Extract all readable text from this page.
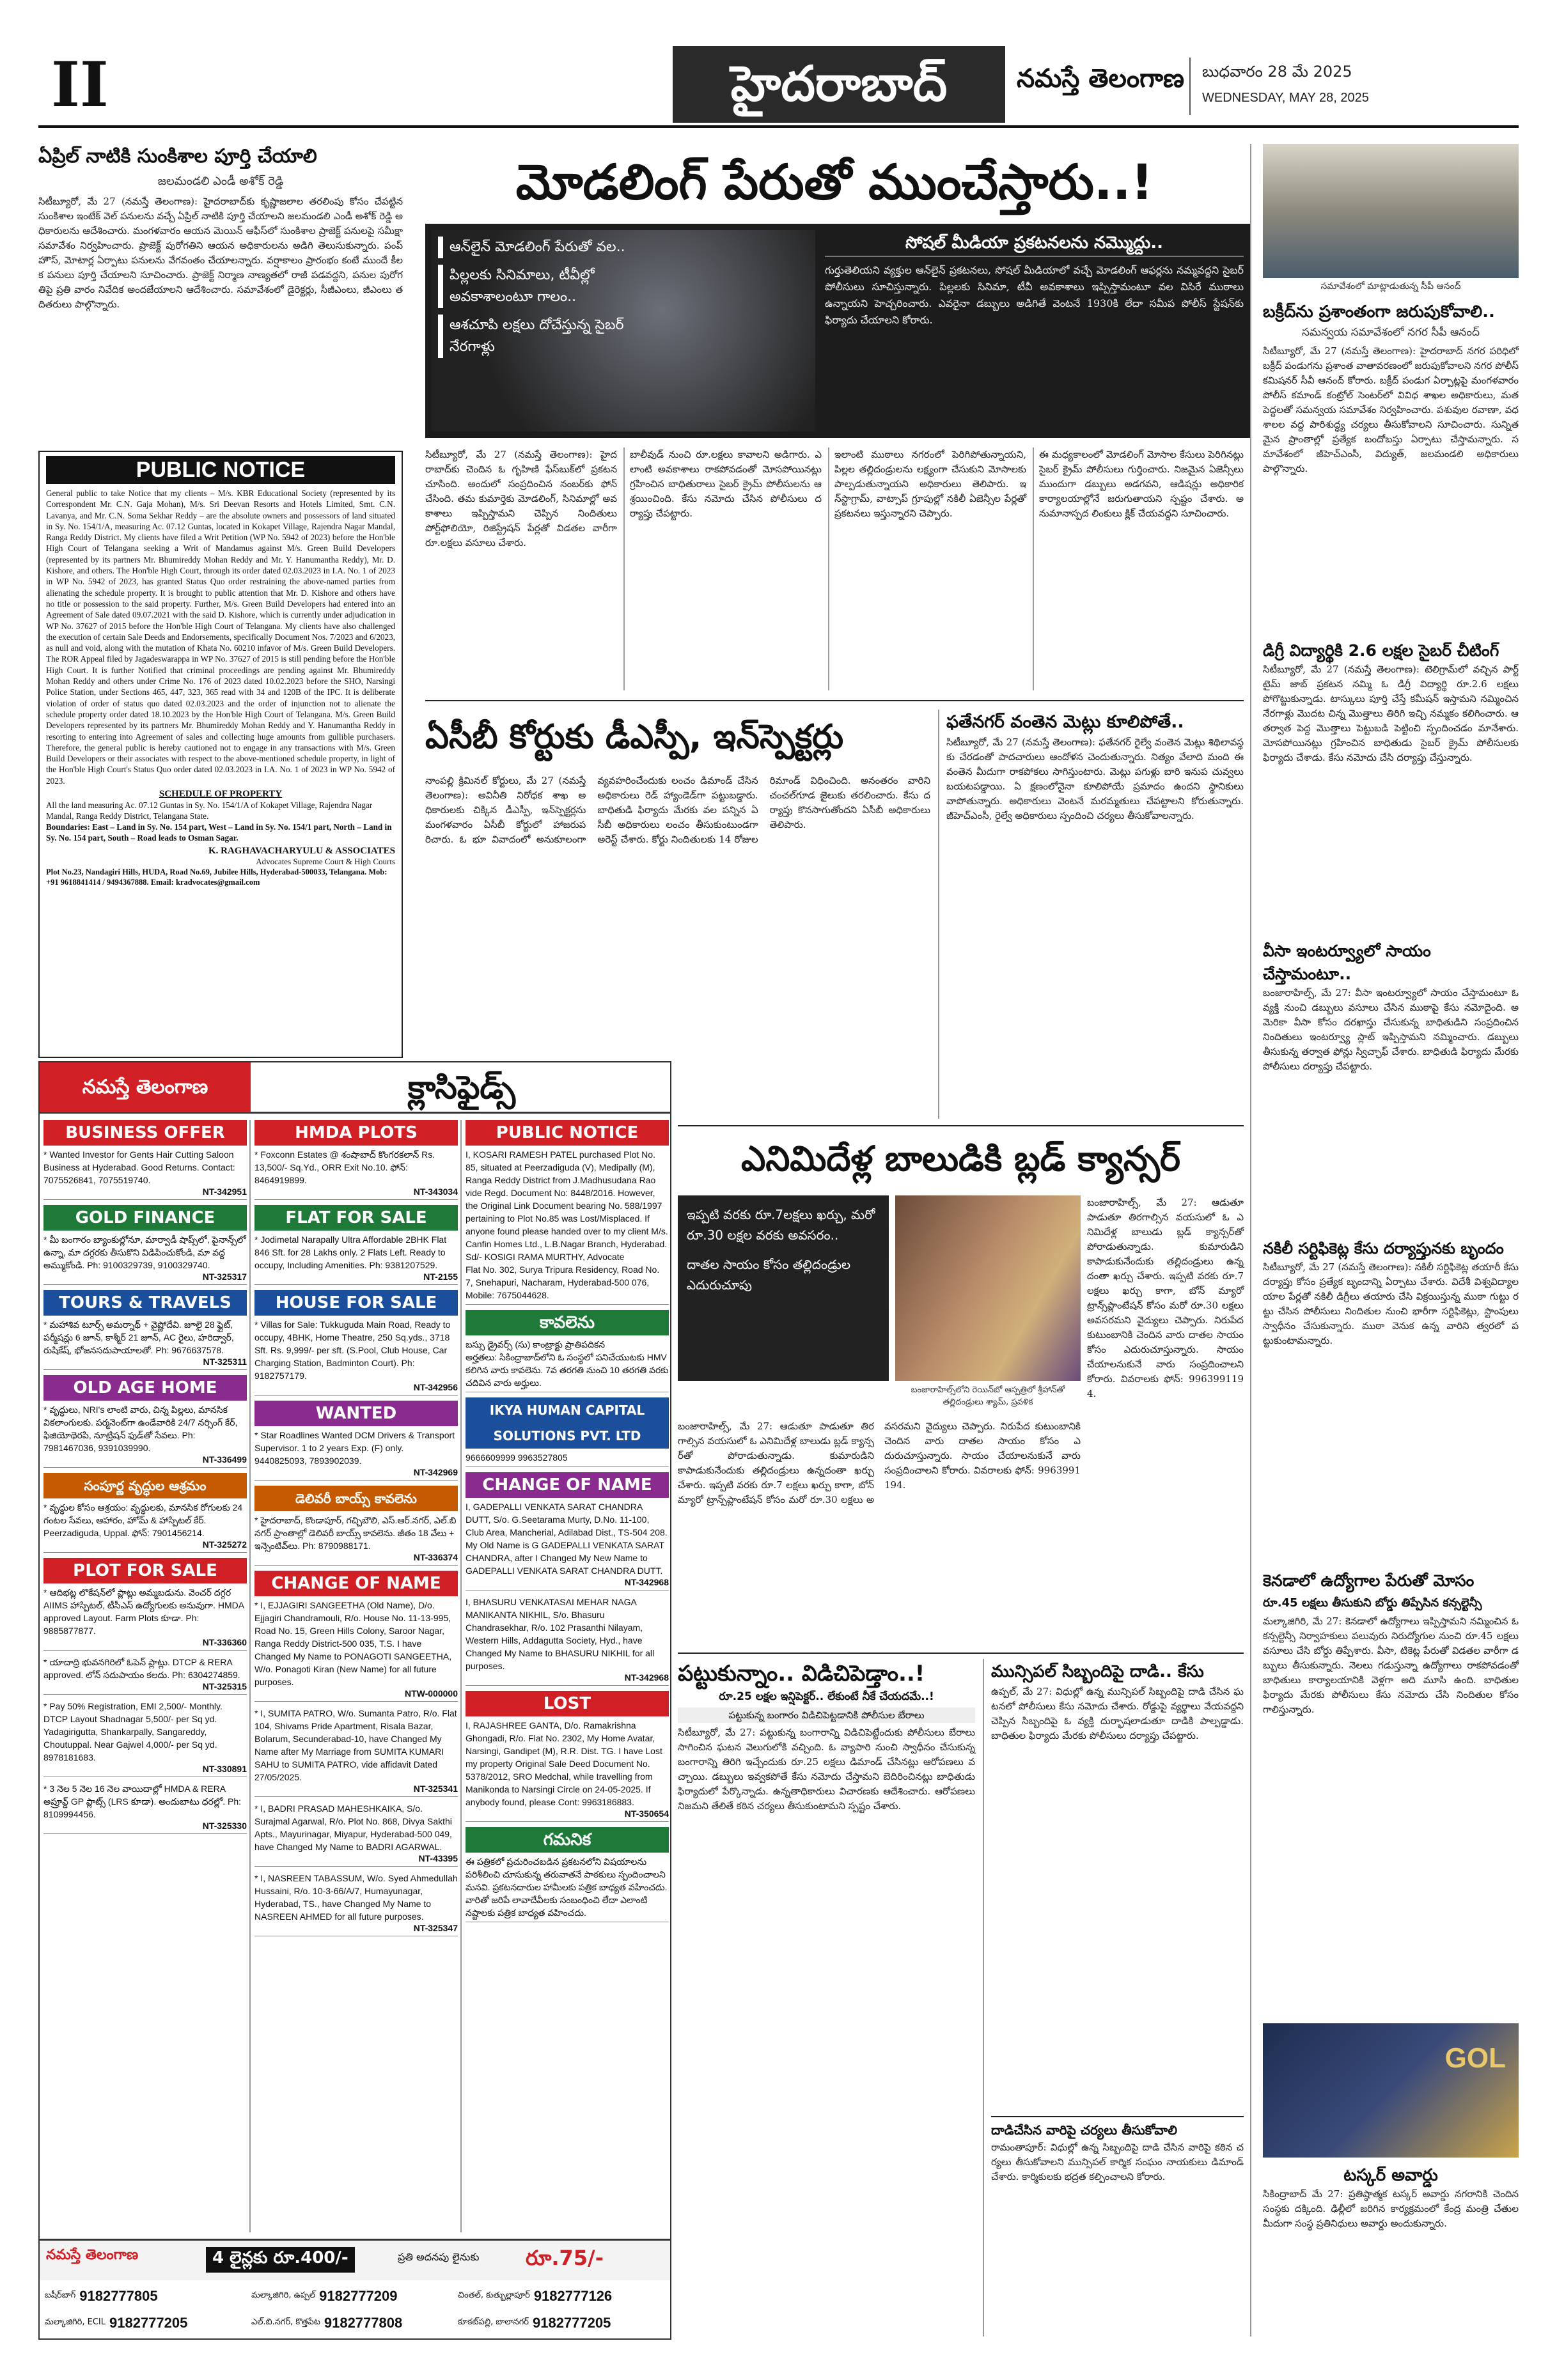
II	హైదరాబాద్	నమస్తే తెలంగాణ బుధవారం 28 మే 2025
WEDNESDAY, MAY 28, 2025
ఏప్రిల్ నాటికి సుంకిశాల పూర్తి చేయాలి
జలమండలి ఎండీ అశోక్ రెడ్డి
సిటీబ్యూరో, మే 27 (నమస్తే తెలంగాణ): హైదరాబాద్‌కు కృష్ణాజలాల తరలింపు కోసం చేపట్టిన సుంకిశాల ఇంటేక్ వెల్ పనులను వచ్చే ఏప్రిల్ నాటికి పూర్తి చేయాలని జలమండలి ఎండీ అశోక్ రెడ్డి అధికారులను ఆదేశించారు. మంగళవారం ఆయన మెయిన్ ఆఫీస్‌లో సుంకిశాల ప్రాజెక్ట్ పనులపై సమీక్షా సమావేశం నిర్వహించారు. ప్రాజెక్ట్ పురోగతిని ఆయన అధికారులను అడిగి తెలుసుకున్నారు. పంప్ హౌస్, మోటార్ల ఏర్పాటు పనులను వేగవంతం చేయాలన్నారు. వర్షాకాలం ప్రారంభం కంటే ముందే కీలక పనులు పూర్తి చేయాలని సూచించారు. ప్రాజెక్ట్ నిర్మాణ నాణ్యతలో రాజీ పడవద్దని, పనుల పురోగతిపై ప్రతి వారం నివేదిక అందజేయాలని ఆదేశించారు. సమావేశంలో డైరెక్టర్లు, సీజీఎంలు, జీఎంలు తదితరులు పాల్గొన్నారు.
PUBLIC NOTICE
General public to take Notice that my clients – M/s. KBR Educational Society (represented by its Correspondent Mr. C.N. Gaja Mohan), M/s. Sri Deevan Resorts and Hotels Limited, Smt. C.N. Lavanya, and Mr. C.N. Soma Sekhar Reddy – are the absolute owners and possessors of land situated in Sy. No. 154/1/A, measuring Ac. 07.12 Guntas, located in Kokapet Village, Rajendra Nagar Mandal, Ranga Reddy District. My clients have filed a Writ Petition (WP No. 5942 of 2023) before the Hon'ble High Court of Telangana seeking a Writ of Mandamus against M/s. Green Build Developers (represented by its partners Mr. Bhumireddy Mohan Reddy and Mr. Y. Hanumantha Reddy), Mr. D. Kishore, and others. The Hon'ble High Court, through its order dated 02.03.2023 in I.A. No. 1 of 2023 in WP No. 5942 of 2023, has granted Status Quo order restraining the above-named parties from alienating the schedule property. It is brought to public attention that Mr. D. Kishore and others have no title or possession to the said property. Further, M/s. Green Build Developers had entered into an Agreement of Sale dated 09.07.2021 with the said D. Kishore, which is currently under adjudication in WP No. 37627 of 2015 before the Hon'ble High Court of Telangana. My clients have also challenged the execution of certain Sale Deeds and Endorsements, specifically Document Nos. 7/2023 and 6/2023, as null and void, along with the mutation of Khata No. 60210 infavor of M/s. Green Build Developers. The ROR Appeal filed by Jagadeswarappa in WP No. 37627 of 2015 is still pending before the Hon'ble High Court. It is further Notified that criminal proceedings are pending against Mr. Bhumireddy Mohan Reddy and others under Crime No. 176 of 2023 dated 10.02.2023 before the SHO, Narsingi Police Station, under Sections 465, 447, 323, 365 read with 34 and 120B of the IPC. It is deliberate violation of order of status quo dated 02.03.2023 and the order of injunction not to alienate the schedule property order dated 18.10.2023 by the Hon'ble High Court of Telangana. M/s. Green Build Developers represented by its partners Mr. Bhumireddy Mohan Reddy and Y. Hanumantha Reddy in resorting to entering into Agreement of sales and collecting huge amounts from gullible purchasers. Therefore, the general public is hereby cautioned not to engage in any transactions with M/s. Green Build Developers or their associates with respect to the above-mentioned schedule property, in light of the Hon'ble High Court's Status Quo order dated 02.03.2023 in I.A. No. 1 of 2023 in WP No. 5942 of 2023.
SCHEDULE OF PROPERTY
All the land measuring Ac. 07.12 Guntas in Sy. No. 154/1/A of Kokapet Village, Rajendra Nagar Mandal, Ranga Reddy District, Telangana State.
Boundaries: East – Land in Sy. No. 154 part, West – Land in Sy. No. 154/1 part, North – Land in Sy. No. 154 part, South – Road leads to Osman Sagar.
K. RAGHAVACHARYULU & ASSOCIATES
Advocates Supreme Court & High Courts
Plot No.23, Nandagiri Hills, HUDA, Road No.69, Jubilee Hills, Hyderabad-500033, Telangana. Mob: +91 9618841414 / 9494367888. Email: kradvocates@gmail.com
మోడలింగ్ పేరుతో ముంచేస్తారు..!
ఆన్‌లైన్ మోడలింగ్ పేరుతో వల..
పిల్లలకు సినిమాలు, టీవీల్లో అవకాశాలంటూ గాలం..
ఆశచూపి లక్షలు దోచేస్తున్న సైబర్ నేరగాళ్లు
సోషల్ మీడియా ప్రకటనలను నమ్మొద్దు..
గుర్తుతెలియని వ్యక్తుల ఆన్‌లైన్ ప్రకటనలు, సోషల్ మీడియాలో వచ్చే మోడలింగ్ ఆఫర్లను నమ్మవద్దని సైబర్ పోలీసులు సూచిస్తున్నారు. పిల్లలకు సినిమా, టీవీ అవకాశాలు ఇప్పిస్తామంటూ వల విసిరే ముఠాలు ఉన్నాయని హెచ్చరించారు. ఎవరైనా డబ్బులు అడిగితే వెంటనే 1930కి లేదా సమీప పోలీస్ స్టేషన్‌కు ఫిర్యాదు చేయాలని కోరారు.
సిటీబ్యూరో, మే 27 (నమస్తే తెలంగాణ): హైదరాబాద్‌కు చెందిన ఓ గృహిణి ఫేస్‌బుక్‌లో ప్రకటన చూసింది. అందులో సంప్రదించిన నంబర్‌కు ఫోన్ చేసింది. తమ కుమార్తెకు మోడలింగ్, సినిమాల్లో అవకాశాలు ఇప్పిస్తామని చెప్పిన నిందితులు పోర్ట్‌ఫోలియో, రిజిస్ట్రేషన్ పేర్లతో విడతల వారీగా రూ.లక్షలు వసూలు చేశారు.
బాలీవుడ్ నుంచి రూ.లక్షలు కావాలని అడిగారు. ఎలాంటి అవకాశాలు రాకపోవడంతో మోసపోయినట్లు గ్రహించిన బాధితురాలు సైబర్ క్రైమ్ పోలీసులను ఆశ్రయించింది. కేసు నమోదు చేసిన పోలీసులు దర్యాప్తు చేపట్టారు.
ఇలాంటి ముఠాలు నగరంలో పెరిగిపోతున్నాయని, పిల్లల తల్లిదండ్రులను లక్ష్యంగా చేసుకుని మోసాలకు పాల్పడుతున్నాయని అధికారులు తెలిపారు. ఇన్‌స్టాగ్రామ్, వాట్సాప్ గ్రూపుల్లో నకిలీ ఏజెన్సీల పేర్లతో ప్రకటనలు ఇస్తున్నారని చెప్పారు.
ఈ మధ్యకాలంలో మోడలింగ్ మోసాల కేసులు పెరిగినట్లు సైబర్ క్రైమ్ పోలీసులు గుర్తించారు. నిజమైన ఏజెన్సీలు ముందుగా డబ్బులు అడగవని, ఆడిషన్లు అధికారిక కార్యాలయాల్లోనే జరుగుతాయని స్పష్టం చేశారు. అనుమానాస్పద లింకులు క్లిక్ చేయవద్దని సూచించారు.
సమావేశంలో మాట్లాడుతున్న సీపీ ఆనంద్
బక్రీద్‌ను ప్రశాంతంగా జరుపుకోవాలి..
సమన్వయ సమావేశంలో నగర సీపీ ఆనంద్
సిటీబ్యూరో, మే 27 (నమస్తే తెలంగాణ): హైదరాబాద్ నగర పరిధిలో బక్రీద్ పండుగను ప్రశాంత వాతావరణంలో జరుపుకోవాలని నగర పోలీస్ కమిషనర్ సీవీ ఆనంద్ కోరారు. బక్రీద్ పండుగ ఏర్పాట్లపై మంగళవారం పోలీస్ కమాండ్ కంట్రోల్ సెంటర్‌లో వివిధ శాఖల అధికారులు, మత పెద్దలతో సమన్వయ సమావేశం నిర్వహించారు. పశువుల రవాణా, వధశాలల వద్ద పారిశుద్ధ్య చర్యలు తీసుకోవాలని సూచించారు. సున్నితమైన ప్రాంతాల్లో ప్రత్యేక బందోబస్తు ఏర్పాటు చేస్తామన్నారు. సమావేశంలో జీహెచ్‌ఎంసీ, విద్యుత్, జలమండలి అధికారులు పాల్గొన్నారు.
డిగ్రీ విద్యార్థికి 2.6 లక్షల సైబర్ చీటింగ్
సిటీబ్యూరో, మే 27 (నమస్తే తెలంగాణ): టెలిగ్రామ్‌లో వచ్చిన పార్ట్ టైమ్ జాబ్ ప్రకటన నమ్మి ఓ డిగ్రీ విద్యార్థి రూ.2.6 లక్షలు పోగొట్టుకున్నాడు. టాస్కులు పూర్తి చేస్తే కమీషన్ ఇస్తామని నమ్మించిన నేరగాళ్లు మొదట చిన్న మొత్తాలు తిరిగి ఇచ్చి నమ్మకం కలిగించారు. ఆ తర్వాత పెద్ద మొత్తాలు పెట్టుబడి పెట్టించి స్పందించడం మానేశారు. మోసపోయినట్లు గ్రహించిన బాధితుడు సైబర్ క్రైమ్ పోలీసులకు ఫిర్యాదు చేశాడు. కేసు నమోదు చేసి దర్యాప్తు చేస్తున్నారు.
వీసా ఇంటర్వ్యూలో సాయం చేస్తామంటూ..
బంజారాహిల్స్, మే 27: వీసా ఇంటర్వ్యూలో సాయం చేస్తామంటూ ఓ వ్యక్తి నుంచి డబ్బులు వసూలు చేసిన ముఠాపై కేసు నమోదైంది. అమెరికా వీసా కోసం దరఖాస్తు చేసుకున్న బాధితుడిని సంప్రదించిన నిందితులు ఇంటర్వ్యూ స్లాట్ ఇప్పిస్తామని నమ్మించారు. డబ్బులు తీసుకున్న తర్వాత ఫోన్లు స్విచ్ఛాఫ్ చేశారు. బాధితుడి ఫిర్యాదు మేరకు పోలీసులు దర్యాప్తు చేపట్టారు.
నకిలీ సర్టిఫికెట్ల కేసు దర్యాప్తునకు బృందం
సిటీబ్యూరో, మే 27 (నమస్తే తెలంగాణ): నకిలీ సర్టిఫికెట్ల తయారీ కేసు దర్యాప్తు కోసం ప్రత్యేక బృందాన్ని ఏర్పాటు చేశారు. విదేశీ విశ్వవిద్యాలయాల పేర్లతో నకిలీ డిగ్రీలు తయారు చేసి విక్రయిస్తున్న ముఠా గుట్టు రట్టు చేసిన పోలీసులు నిందితుల నుంచి భారీగా సర్టిఫికెట్లు, స్టాంపులు స్వాధీనం చేసుకున్నారు. ముఠా వెనుక ఉన్న వారిని త్వరలో పట్టుకుంటామన్నారు.
కెనడాలో ఉద్యోగాల పేరుతో మోసం
రూ.45 లక్షలు తీసుకుని బోర్డు తిప్పేసిన కన్సల్టెన్సీ
మల్కాజిగిరి, మే 27: కెనడాలో ఉద్యోగాలు ఇప్పిస్తామని నమ్మించిన ఓ కన్సల్టెన్సీ నిర్వాహకులు పలువురు నిరుద్యోగుల నుంచి రూ.45 లక్షలు వసూలు చేసి బోర్డు తిప్పేశారు. వీసా, టికెట్ల పేరుతో విడతల వారీగా డబ్బులు తీసుకున్నారు. నెలలు గడుస్తున్నా ఉద్యోగాలు రాకపోవడంతో బాధితులు కార్యాలయానికి వెళ్లగా అది మూసి ఉంది. బాధితుల ఫిర్యాదు మేరకు పోలీసులు కేసు నమోదు చేసి నిందితుల కోసం గాలిస్తున్నారు.
GOL
టస్కర్ అవార్డు
సికింద్రాబాద్ మే 27: ప్రతిష్ఠాత్మక టస్కర్ అవార్డు నగరానికి చెందిన సంస్థకు దక్కింది. ఢిల్లీలో జరిగిన కార్యక్రమంలో కేంద్ర మంత్రి చేతుల మీదుగా సంస్థ ప్రతినిధులు అవార్డు అందుకున్నారు.
ఏసీబీ కోర్టుకు డీఎస్పీ, ఇన్‌స్పెక్టర్లు
నాంపల్లి క్రిమినల్ కోర్టులు, మే 27 (నమస్తే తెలంగాణ): అవినీతి నిరోధక శాఖ అధికారులకు చిక్కిన డీఎస్పీ, ఇన్‌స్పెక్టర్లను మంగళవారం ఏసీబీ కోర్టులో హాజరుపరిచారు. ఓ భూ వివాదంలో అనుకూలంగా వ్యవహరించేందుకు లంచం డిమాండ్ చేసిన అధికారులు రెడ్ హ్యాండెడ్‌గా పట్టుబడ్డారు. బాధితుడి ఫిర్యాదు మేరకు వల పన్నిన ఏసీబీ అధికారులు లంచం తీసుకుంటుండగా అరెస్ట్ చేశారు. కోర్టు నిందితులకు 14 రోజుల రిమాండ్ విధించింది. అనంతరం వారిని చంచల్‌గూడ జైలుకు తరలించారు. కేసు దర్యాప్తు కొనసాగుతోందని ఏసీబీ అధికారులు తెలిపారు.
ఫతేనగర్ వంతెన మెట్లు కూలిపోతే..
సిటీబ్యూరో, మే 27 (నమస్తే తెలంగాణ): ఫతేనగర్ రైల్వే వంతెన మెట్లు శిథిలావస్థకు చేరడంతో పాదచారులు ఆందోళన చెందుతున్నారు. నిత్యం వేలాది మంది ఈ వంతెన మీదుగా రాకపోకలు సాగిస్తుంటారు. మెట్లు పగుళ్లు బారి ఇనుప చువ్వలు బయటపడ్డాయి. ఏ క్షణంలోనైనా కూలిపోయే ప్రమాదం ఉందని స్థానికులు వాపోతున్నారు. అధికారులు వెంటనే మరమ్మతులు చేపట్టాలని కోరుతున్నారు. జీహెచ్‌ఎంసీ, రైల్వే అధికారులు స్పందించి చర్యలు తీసుకోవాలన్నారు.
ఎనిమిదేళ్ల బాలుడికి బ్లడ్ క్యాన్సర్
ఇప్పటి వరకు రూ.7లక్షలు ఖర్చు, మరో రూ.30 లక్షల వరకు అవసరం..
దాతల సాయం కోసం తల్లిదండ్రుల ఎదురుచూపు
బంజారాహిల్స్‌లోని రెయిన్‌బో ఆస్పత్రిలో శ్రీహాన్‌తో తల్లిదండ్రులు శ్యామ్, ప్రవళిక
బంజారాహిల్స్, మే 27: ఆడుతూ పాడుతూ తిరగాల్సిన వయసులో ఓ ఎనిమిదేళ్ల బాలుడు బ్లడ్ క్యాన్సర్‌తో పోరాడుతున్నాడు. కుమారుడిని కాపాడుకునేందుకు తల్లిదండ్రులు ఉన్నదంతా ఖర్చు చేశారు. ఇప్పటి వరకు రూ.7 లక్షలు ఖర్చు కాగా, బోన్ మ్యారో ట్రాన్స్‌ప్లాంటేషన్ కోసం మరో రూ.30 లక్షలు అవసరమని వైద్యులు చెప్పారు. నిరుపేద కుటుంబానికి చెందిన వారు దాతల సాయం కోసం ఎదురుచూస్తున్నారు. సాయం చేయాలనుకునే వారు సంప్రదించాలని కోరారు. వివరాలకు ఫోన్: 9963991194.
బంజారాహిల్స్, మే 27: ఆడుతూ పాడుతూ తిరగాల్సిన వయసులో ఓ ఎనిమిదేళ్ల బాలుడు బ్లడ్ క్యాన్సర్‌తో పోరాడుతున్నాడు. కుమారుడిని కాపాడుకునేందుకు తల్లిదండ్రులు ఉన్నదంతా ఖర్చు చేశారు. ఇప్పటి వరకు రూ.7 లక్షలు ఖర్చు కాగా, బోన్ మ్యారో ట్రాన్స్‌ప్లాంటేషన్ కోసం మరో రూ.30 లక్షలు అవసరమని వైద్యులు చెప్పారు. నిరుపేద కుటుంబానికి చెందిన వారు దాతల సాయం కోసం ఎదురుచూస్తున్నారు. సాయం చేయాలనుకునే వారు సంప్రదించాలని కోరారు. వివరాలకు ఫోన్: 9963991194.
పట్టుకున్నాం.. విడిచిపెడ్తాం..!
రూ.25 లక్షల ఇన్షిపెక్టర్.. లేకుంటే నీకే చేయదమే..!
పట్టుకున్న బంగారం విడిచిపెట్టడానికి పోలీసుల బేరాలు
సిటీబ్యూరో, మే 27: పట్టుకున్న బంగారాన్ని విడిచిపెట్టేందుకు పోలీసులు బేరాలు సాగించిన ఘటన వెలుగులోకి వచ్చింది. ఓ వ్యాపారి నుంచి స్వాధీనం చేసుకున్న బంగారాన్ని తిరిగి ఇచ్చేందుకు రూ.25 లక్షలు డిమాండ్ చేసినట్లు ఆరోపణలు వచ్చాయి. డబ్బులు ఇవ్వకపోతే కేసు నమోదు చేస్తామని బెదిరించినట్లు బాధితుడు ఫిర్యాదులో పేర్కొన్నాడు. ఉన్నతాధికారులు విచారణకు ఆదేశించారు. ఆరోపణలు నిజమని తేలితే కఠిన చర్యలు తీసుకుంటామని స్పష్టం చేశారు.
మున్సిపల్ సిబ్బందిపై దాడి.. కేసు
ఉప్పల్, మే 27: విధుల్లో ఉన్న మున్సిపల్ సిబ్బందిపై దాడి చేసిన ఘటనలో పోలీసులు కేసు నమోదు చేశారు. రోడ్డుపై వ్యర్థాలు వేయవద్దని చెప్పిన సిబ్బందిపై ఓ వ్యక్తి దుర్భాషలాడుతూ దాడికి పాల్పడ్డాడు. బాధితుల ఫిర్యాదు మేరకు పోలీసులు దర్యాప్తు చేపట్టారు.
దాడిచేసిన వారిపై చర్యలు తీసుకోవాలి
రామంతాపూర్: విధుల్లో ఉన్న సిబ్బందిపై దాడి చేసిన వారిపై కఠిన చర్యలు తీసుకోవాలని మున్సిపల్ కార్మిక సంఘం నాయకులు డిమాండ్ చేశారు. కార్మికులకు భద్రత కల్పించాలని కోరారు.
నమస్తే తెలంగాణ	క్లాసిఫైడ్స్
BUSINESS OFFER
* Wanted Investor for Gents Hair Cutting Saloon Business at Hyderabad. Good Returns. Contact: 7075526841, 7075519740.
NT-342951
GOLD FINANCE
* మీ బంగారం బ్యాంకుల్లోనూ, మార్వాడీ షాప్స్‌లో, పైనాన్స్‌లో ఉన్నా, మా దగ్గరకు తీసుకొని విడిపించుకోండి, మా వద్ద అమ్ముకోండి. Ph: 9100329739, 9100329740.
NT-325317
TOURS & TRAVELS
* మహాశివ టూర్స్ అమర్నాథ్ + వైష్ణోదేవి. జూలై 28 ఫ్లైట్, పర్మీషన్లు 6 జూన్, కాశ్మీర్ 21 జూన్, AC రైలు, హరిద్వార్, రుషికేష్, భోజనసదుపాయాలతో. Ph: 9676637578.
NT-325311
OLD AGE HOME
* వృద్ధులు, NRI's లాంటి వారు, చిన్న పిల్లలు, మానసిక వికలాంగులకు. పర్మనెంట్‌గా ఉండేవారికి 24/7 నర్సింగ్ కేర్, ఫిజియోథెరపి, నూట్రిషన్ ఫుడ్‌తో సేవలు. Ph: 7981467036, 9391039990.
NT-336499
సంపూర్ణ వృద్ధుల ఆశ్రమం
* వృద్ధుల కోసం ఆశ్రయం: వృద్ధులకు, మానసిక రోగులకు 24 గంటల సేవలు, ఆహారం, హోమ్ & హాస్పిటల్ కేర్. Peerzadiguda, Uppal. ఫోన్: 7901456214.
NT-325272
PLOT FOR SALE
* ఆదిభట్ల లొకేషన్‌లో ప్లాట్లు అమ్మబడును. వెంచర్ దగ్గర AIIMS హాస్పిటల్, టీసీఎస్ ఉద్యోగులకు అనువుగా. HMDA approved Layout. Farm Plots కూడా. Ph: 9885877877.
NT-336360
* యాదాద్రి భువనగిరిలో ఓపెన్ ప్లాట్లు. DTCP & RERA approved. లోన్ సదుపాయం కలదు. Ph: 6304274859.
NT-325315
* Pay 50% Registration, EMI 2,500/- Monthly. DTCP Layout Shadnagar 5,500/- per Sq yd. Yadagirigutta, Shankarpally, Sangareddy, Choutuppal. Near Gajwel 4,000/- per Sq yd. 8978181683.
NT-330891
* 3 నెల 5 నెల 16 నెల వాయిదాల్లో HMDA & RERA అప్రూవ్డ్ GP ప్లాట్స్ (LRS కూడా). అందుబాటు ధరల్లో. Ph: 8109994456.
NT-325330
HMDA PLOTS
* Foxconn Estates @ శంషాబాద్ కొంగరకలాన్ Rs. 13,500/- Sq.Yd., ORR Exit No.10. ఫోన్: 8464919899.
NT-343034
FLAT FOR SALE
* Jodimetal Narapally Ultra Affordable 2BHK Flat 846 Sft. for 28 Lakhs only. 2 Flats Left. Ready to occupy, Including Amenities. Ph: 9381207529.
NT-2155
HOUSE FOR SALE
* Villas for Sale: Tukkuguda Main Road, Ready to occupy, 4BHK, Home Theatre, 250 Sq.yds., 3718 Sft. Rs. 9,999/- per sft. (S.Pool, Club House, Car Charging Station, Badminton Court). Ph: 9182757179.
NT-342956
WANTED
* Star Roadlines Wanted DCM Drivers & Transport Supervisor. 1 to 2 years Exp. (F) only. 9440825093, 7893902039.
NT-342969
డెలివరీ బాయ్స్ కావలెను
* హైదరాబాద్, కొండాపూర్, గచ్చిబౌలి, ఎస్.ఆర్.నగర్, ఎల్.బి నగర్ ప్రాంతాల్లో డెలివరీ బాయ్స్ కావలెను. జీతం 18 వేలు + ఇన్సెంటివ్‌లు. Ph: 8790988171.
NT-336374
CHANGE OF NAME
* I, EJJAGIRI SANGEETHA (Old Name), D/o. Ejjagiri Chandramouli, R/o. House No. 11-13-995, Road No. 15, Green Hills Colony, Saroor Nagar, Ranga Reddy District-500 035, T.S. I have Changed My Name to PONAGOTI SANGEETHA, W/o. Ponagoti Kiran (New Name) for all future purposes.
NTW-000000
* I, SUMITA PATRO, W/o. Sumanta Patro, R/o. Flat 104, Shivams Pride Apartment, Risala Bazar, Bolarum, Secunderabad-10, have Changed My Name after My Marriage from SUMITA KUMARI SAHU to SUMITA PATRO, vide affidavit Dated 27/05/2025.
NT-325341
* I, BADRI PRASAD MAHESHKAIKA, S/o. Surajmal Agarwal, R/o. Plot No. 868, Divya Sakthi Apts., Mayurinagar, Miyapur, Hyderabad-500 049, have Changed My Name to BADRI AGARWAL.
NT-43395
* I, NASREEN TABASSUM, W/o. Syed Ahmedullah Hussaini, R/o. 10-3-66/A/7, Humayunagar, Hyderabad, TS., have Changed My Name to NASREEN AHMED for all future purposes.
NT-325347
PUBLIC NOTICE
I, KOSARI RAMESH PATEL purchased Plot No. 85, situated at Peerzadiguda (V), Medipally (M), Ranga Reddy District from J.Madhusudana Rao vide Regd. Document No: 8448/2016. However, the Original Link Document bearing No. 588/1997 pertaining to Plot No.85 was Lost/Misplaced. If anyone found please handed over to my client M/s. Canfin Homes Ltd., L.B.Nagar Branch, Hyderabad.
Sd/- KOSIGI RAMA MURTHY, Advocate
Flat No. 302, Surya Tripura Residency, Road No. 7, Snehapuri, Nacharam, Hyderabad-500 076, Mobile: 7675044628.
కావలెను
బస్సు డ్రైవర్స్ (సు) కాంట్రాక్టు ప్రాతిపదికన
అర్హతలు: సికింద్రాబాద్‌లోని ఓ సంస్థలో పనిచేయుటకు HMV కలిగిన వారు కావలెను. 7వ తరగతి నుంచి 10 తరగతి వరకు చదివిన వారు అర్హులు.
IKYA HUMAN CAPITAL SOLUTIONS PVT. LTD
9666609999 9963527805
CHANGE OF NAME
I, GADEPALLI VENKATA SARAT CHANDRA DUTT, S/o. G.Seetarama Murty, D.No. 11-100, Club Area, Mancherial, Adilabad Dist., TS-504 208. My Old Name is G GADEPALLI VENKATA SARAT CHANDRA, after I Changed My New Name to GADEPALLI VENKATA SARAT CHANDRA DUTT.
NT-342968
I, BHASURU VENKATASAI MEHAR NAGA MANIKANTA NIKHIL, S/o. Bhasuru Chandrasekhar, R/o. 102 Prasanthi Nilayam, Western Hills, Addagutta Society, Hyd., have Changed My Name to BHASURU NIKHIL for all purposes.
NT-342968
LOST
I, RAJASHREE GANTA, D/o. Ramakrishna Ghongadi, R/o. Flat No. 2302, My Home Avatar, Narsingi, Gandipet (M), R.R. Dist. TG. I have Lost my property Original Sale Deed Document No. 5378/2012, SRO Medchal, while travelling from Manikonda to Narsingi Circle on 24-05-2025. If anybody found, please Cont: 9963186883.
NT-350654
గమనిక
ఈ పత్రికలో ప్రచురించబడిన ప్రకటనలోని విషయాలను పరిశీలించి చూసుకున్న తరువాతనే పాఠకులు స్పందించాలని మనవి. ప్రకటనదారుల హామీలకు పత్రిక బాధ్యత వహించదు. వారితో జరిపే లావాదేవీలకు సంబంధించి లేదా ఎలాంటి నష్టాలకు పత్రిక బాధ్యత వహించదు.
నమస్తే తెలంగాణ	4 లైన్లకు రూ.400/-	ప్రతి అదనపు లైనుకు రూ.75/-
బషీర్‌బాగ్ 9182777805	మల్కాజిగిరి, ఉప్పల్ 9182777209	చింతల్, కుత్బుల్లాపూర్ 9182777126
మల్కాజిగిరి, ECIL 9182777205	ఎల్.బి.నగర్, కొత్తపేట 9182777808	కూకట్‌పల్లి, బాలానగర్ 9182777205
